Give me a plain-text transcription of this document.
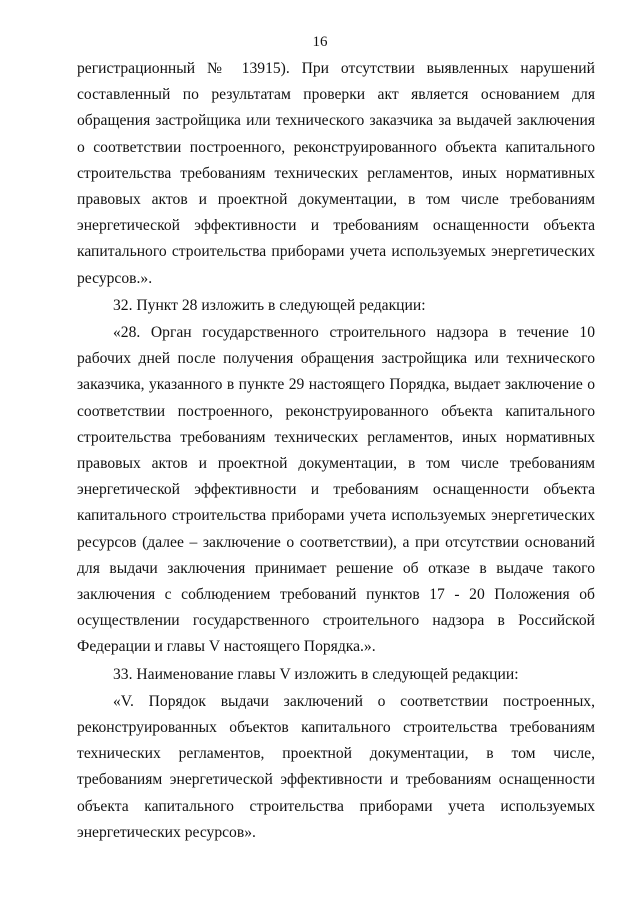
16

регистрационный № 13915). При отсутствии выявленных нарушений составленный по результатам проверки акт является основанием для обращения застройщика или технического заказчика за выдачей заключения о соответствии построенного, реконструированного объекта капитального строительства требованиям технических регламентов, иных нормативных правовых актов и проектной документации, в том числе требованиям энергетической эффективности и требованиям оснащенности объекта капитального строительства приборами учета используемых энергетических ресурсов.».

32. Пункт 28 изложить в следующей редакции:

«28. Орган государственного строительного надзора в течение 10 рабочих дней после получения обращения застройщика или технического заказчика, указанного в пункте 29 настоящего Порядка, выдает заключение о соответствии построенного, реконструированного объекта капитального строительства требованиям технических регламентов, иных нормативных правовых актов и проектной документации, в том числе требованиям энергетической эффективности и требованиям оснащенности объекта капитального строительства приборами учета используемых энергетических ресурсов (далее – заключение о соответствии), а при отсутствии оснований для выдачи заключения принимает решение об отказе в выдаче такого заключения с соблюдением требований пунктов 17 - 20 Положения об осуществлении государственного строительного надзора в Российской Федерации и главы V настоящего Порядка.».

33. Наименование главы V изложить в следующей редакции:

«V. Порядок выдачи заключений о соответствии построенных, реконструированных объектов капитального строительства требованиям технических регламентов, проектной документации, в том числе, требованиям энергетической эффективности и требованиям оснащенности объекта капитального строительства приборами учета используемых энергетических ресурсов».
